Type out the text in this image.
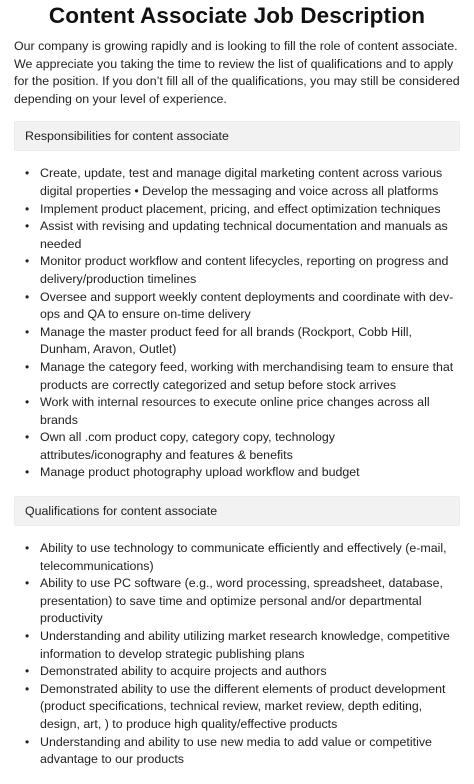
Content Associate Job Description

Our company is growing rapidly and is looking to fill the role of content associate. We appreciate you taking the time to review the list of qualifications and to apply for the position. If you don’t fill all of the qualifications, you may still be considered depending on your level of experience.

Responsibilities for content associate
• Create, update, test and manage digital marketing content across various digital properties • Develop the messaging and voice across all platforms
• Implement product placement, pricing, and effect optimization techniques
• Assist with revising and updating technical documentation and manuals as needed
• Monitor product workflow and content lifecycles, reporting on progress and delivery/production timelines
• Oversee and support weekly content deployments and coordinate with dev-ops and QA to ensure on-time delivery
• Manage the master product feed for all brands (Rockport, Cobb Hill, Dunham, Aravon, Outlet)
• Manage the category feed, working with merchandising team to ensure that products are correctly categorized and setup before stock arrives
• Work with internal resources to execute online price changes across all brands
• Own all .com product copy, category copy, technology attributes/iconography and features & benefits
• Manage product photography upload workflow and budget
Qualifications for content associate
• Ability to use technology to communicate efficiently and effectively (e-mail, telecommunications)
• Ability to use PC software (e.g., word processing, spreadsheet, database, presentation) to save time and optimize personal and/or departmental productivity
• Understanding and ability utilizing market research knowledge, competitive information to develop strategic publishing plans
• Demonstrated ability to acquire projects and authors
• Demonstrated ability to use the different elements of product development (product specifications, technical review, market review, depth editing, design, art, ) to produce high quality/effective products
• Understanding and ability to use new media to add value or competitive advantage to our products
